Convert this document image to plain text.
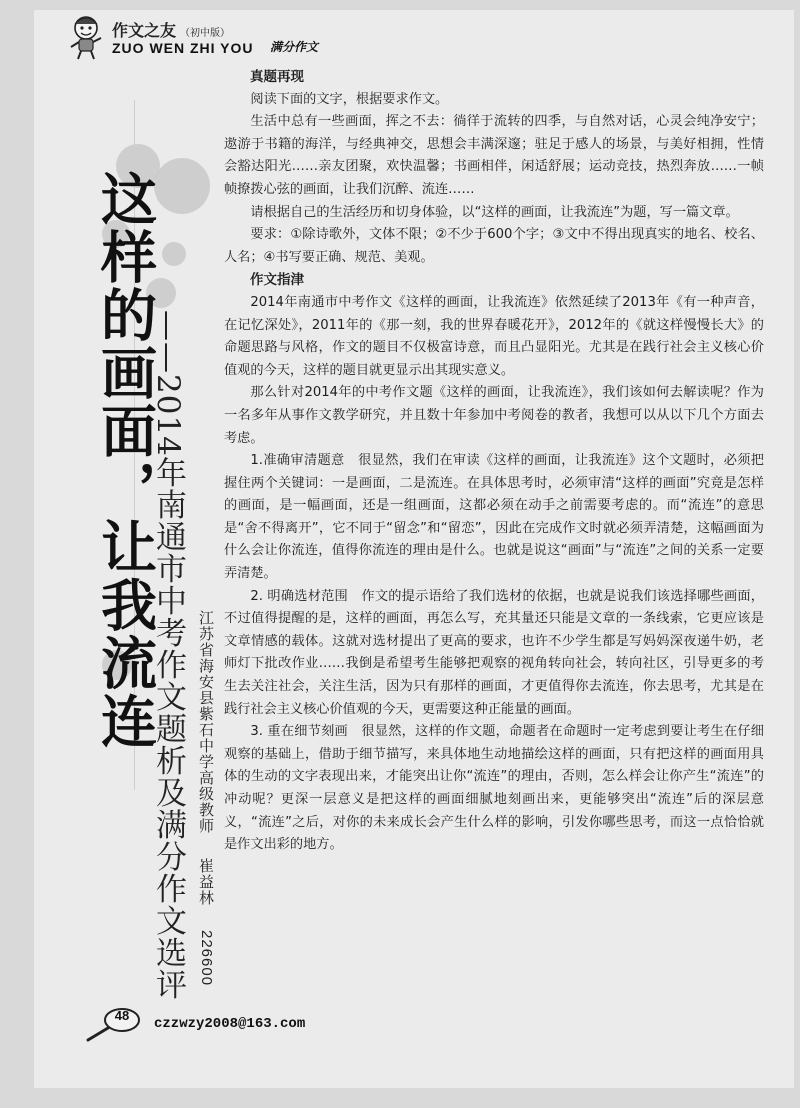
作文之友 （初中版）
ZUO WEN ZHI YOU 满分作文
这样的画面，让我流连
——2014年南通市中考作文题析及满分作文选评 江苏省海安县紫石中学高级教师 崔益林 226600
真题再现

阅读下面的文字，根据要求作文。

生活中总有一些画面，挥之不去：徜徉于流转的四季，与自然对话，心灵会纯净安宁；遨游于书籍的海洋，与经典神交，思想会丰满深邃；驻足于感人的场景，与美好相拥，性情会豁达阳光……亲友团聚，欢快温馨；书画相伴，闲适舒展；运动竞技，热烈奔放……一帧帧撩拨心弦的画面，让我们沉醉、流连……

请根据自己的生活经历和切身体验，以“这样的画面，让我流连”为题，写一篇文章。

要求：①除诗歌外，文体不限；②不少于600个字；③文中不得出现真实的地名、校名、人名；④书写要正确、规范、美观。

作文指津

2014年南通市中考作文《这样的画面，让我流连》依然延续了2013年《有一种声音，在记忆深处》，2011年的《那一刻，我的世界春暖花开》，2012年的《就这样慢慢长大》的命题思路与风格，作文的题目不仅极富诗意，而且凸显阳光。尤其是在践行社会主义核心价值观的今天，这样的题目就更显示出其现实意义。

那么针对2014年的中考作文题《这样的画面，让我流连》，我们该如何去解读呢？作为一名多年从事作文教学研究，并且数十年参加中考阅卷的教者，我想可以从以下几个方面去考虑。

1.准确审清题意　很显然，我们在审读《这样的画面，让我流连》这个文题时，必须把握住两个关键词：一是画面，二是流连。在具体思考时，必须审清“这样的画面”究竟是怎样的画面，是一幅画面，还是一组画面，这都必须在动手之前需要考虑的。而“流连”的意思是“舍不得离开”，它不同于“留念”和“留恋”，因此在完成作文时就必须弄清楚，这幅画面为什么会让你流连，值得你流连的理由是什么。也就是说这“画面”与“流连”之间的关系一定要弄清楚。

2. 明确选材范围　作文的提示语给了我们选材的依据，也就是说我们该选择哪些画面，不过值得提醒的是，这样的画面，再怎么写，充其量还只能是文章的一条线索，它更应该是文章情感的载体。这就对选材提出了更高的要求，也许不少学生都是写妈妈深夜递牛奶，老师灯下批改作业……我倒是希望考生能够把观察的视角转向社会，转向社区，引导更多的考生去关注社会，关注生活，因为只有那样的画面，才更值得你去流连，你去思考，尤其是在践行社会主义核心价值观的今天，更需要这种正能量的画面。

3. 重在细节刻画　很显然，这样的作文题，命题者在命题时一定考虑到要让考生在仔细观察的基础上，借助于细节描写，来具体地生动地描绘这样的画面，只有把这样的画面用具体的生动的文字表现出来，才能突出让你“流连”的理由，否则，怎么样会让你产生“流连”的冲动呢？更深一层意义是把这样的画面细腻地刻画出来，更能够突出“流连”后的深层意义，“流连”之后，对你的未来成长会产生什么样的影响，引发你哪些思考，而这一点恰恰就是作文出彩的地方。

48
czzwzy2008@163.com
